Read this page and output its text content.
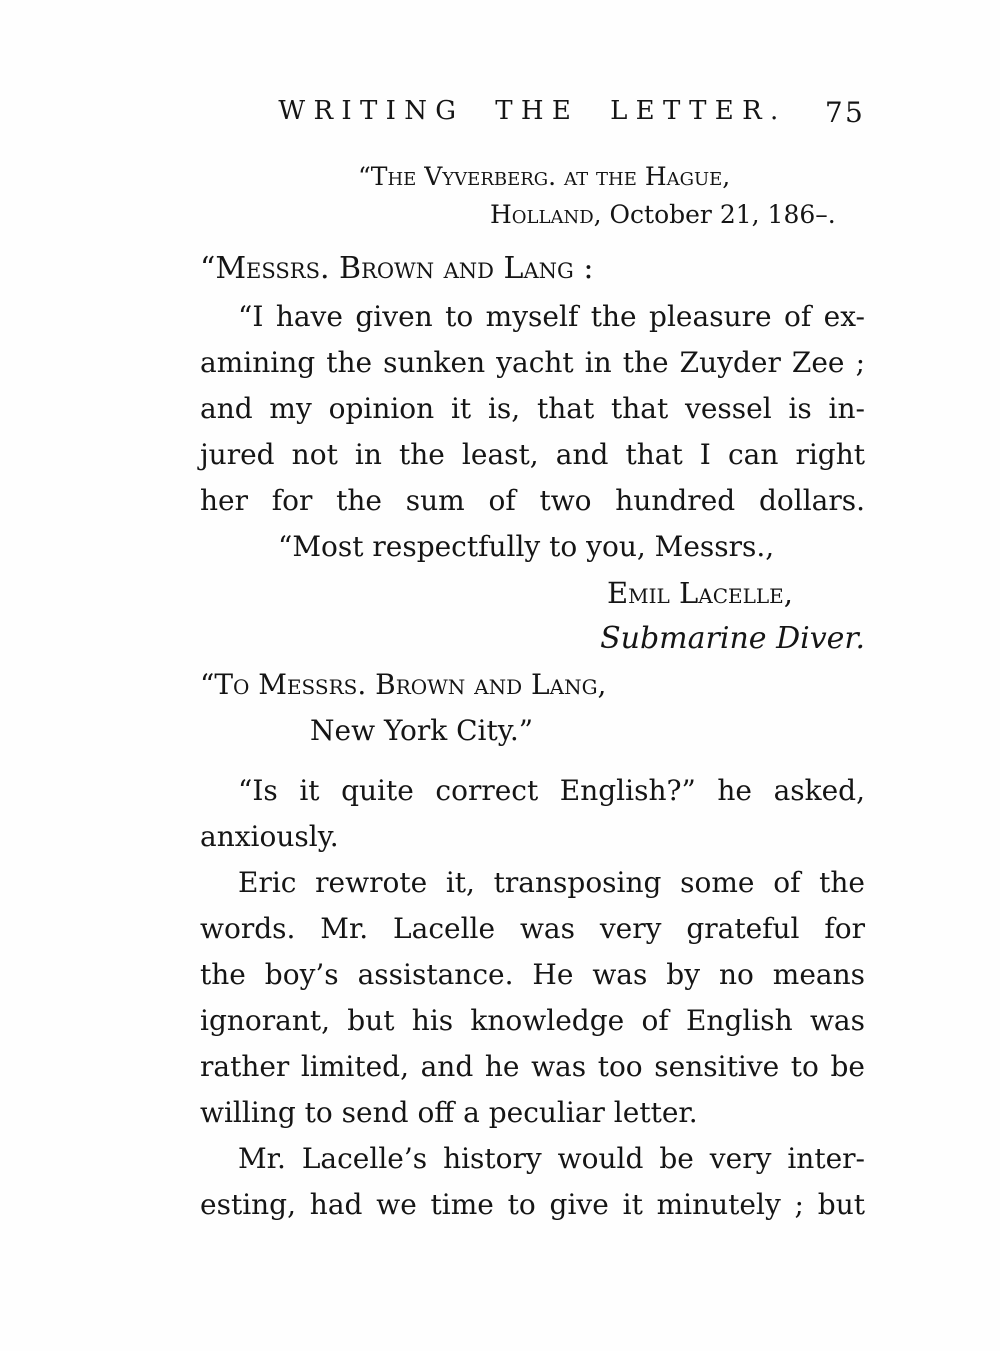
WRITING THE LETTER. 75
“The Vyverberg. at the Hague,
Holland, October 21, 186–.
“Messrs. Brown and Lang :
“I have given to myself the pleasure of ex-
amining the sunken yacht in the Zuyder Zee ;
and my opinion it is, that that vessel is in-
jured not in the least, and that I can right
her for the sum of two hundred dollars.
“Most respectfully to you, Messrs.,
Emil Lacelle,
Submarine Diver.
“To Messrs. Brown and Lang,
New York City.”
“Is it quite correct English?” he asked,
anxiously.
Eric rewrote it, transposing some of the
words. Mr. Lacelle was very grateful for
the boy’s assistance. He was by no means
ignorant, but his knowledge of English was
rather limited, and he was too sensitive to be
willing to send off a peculiar letter.
Mr. Lacelle’s history would be very inter-
esting, had we time to give it minutely ; but
